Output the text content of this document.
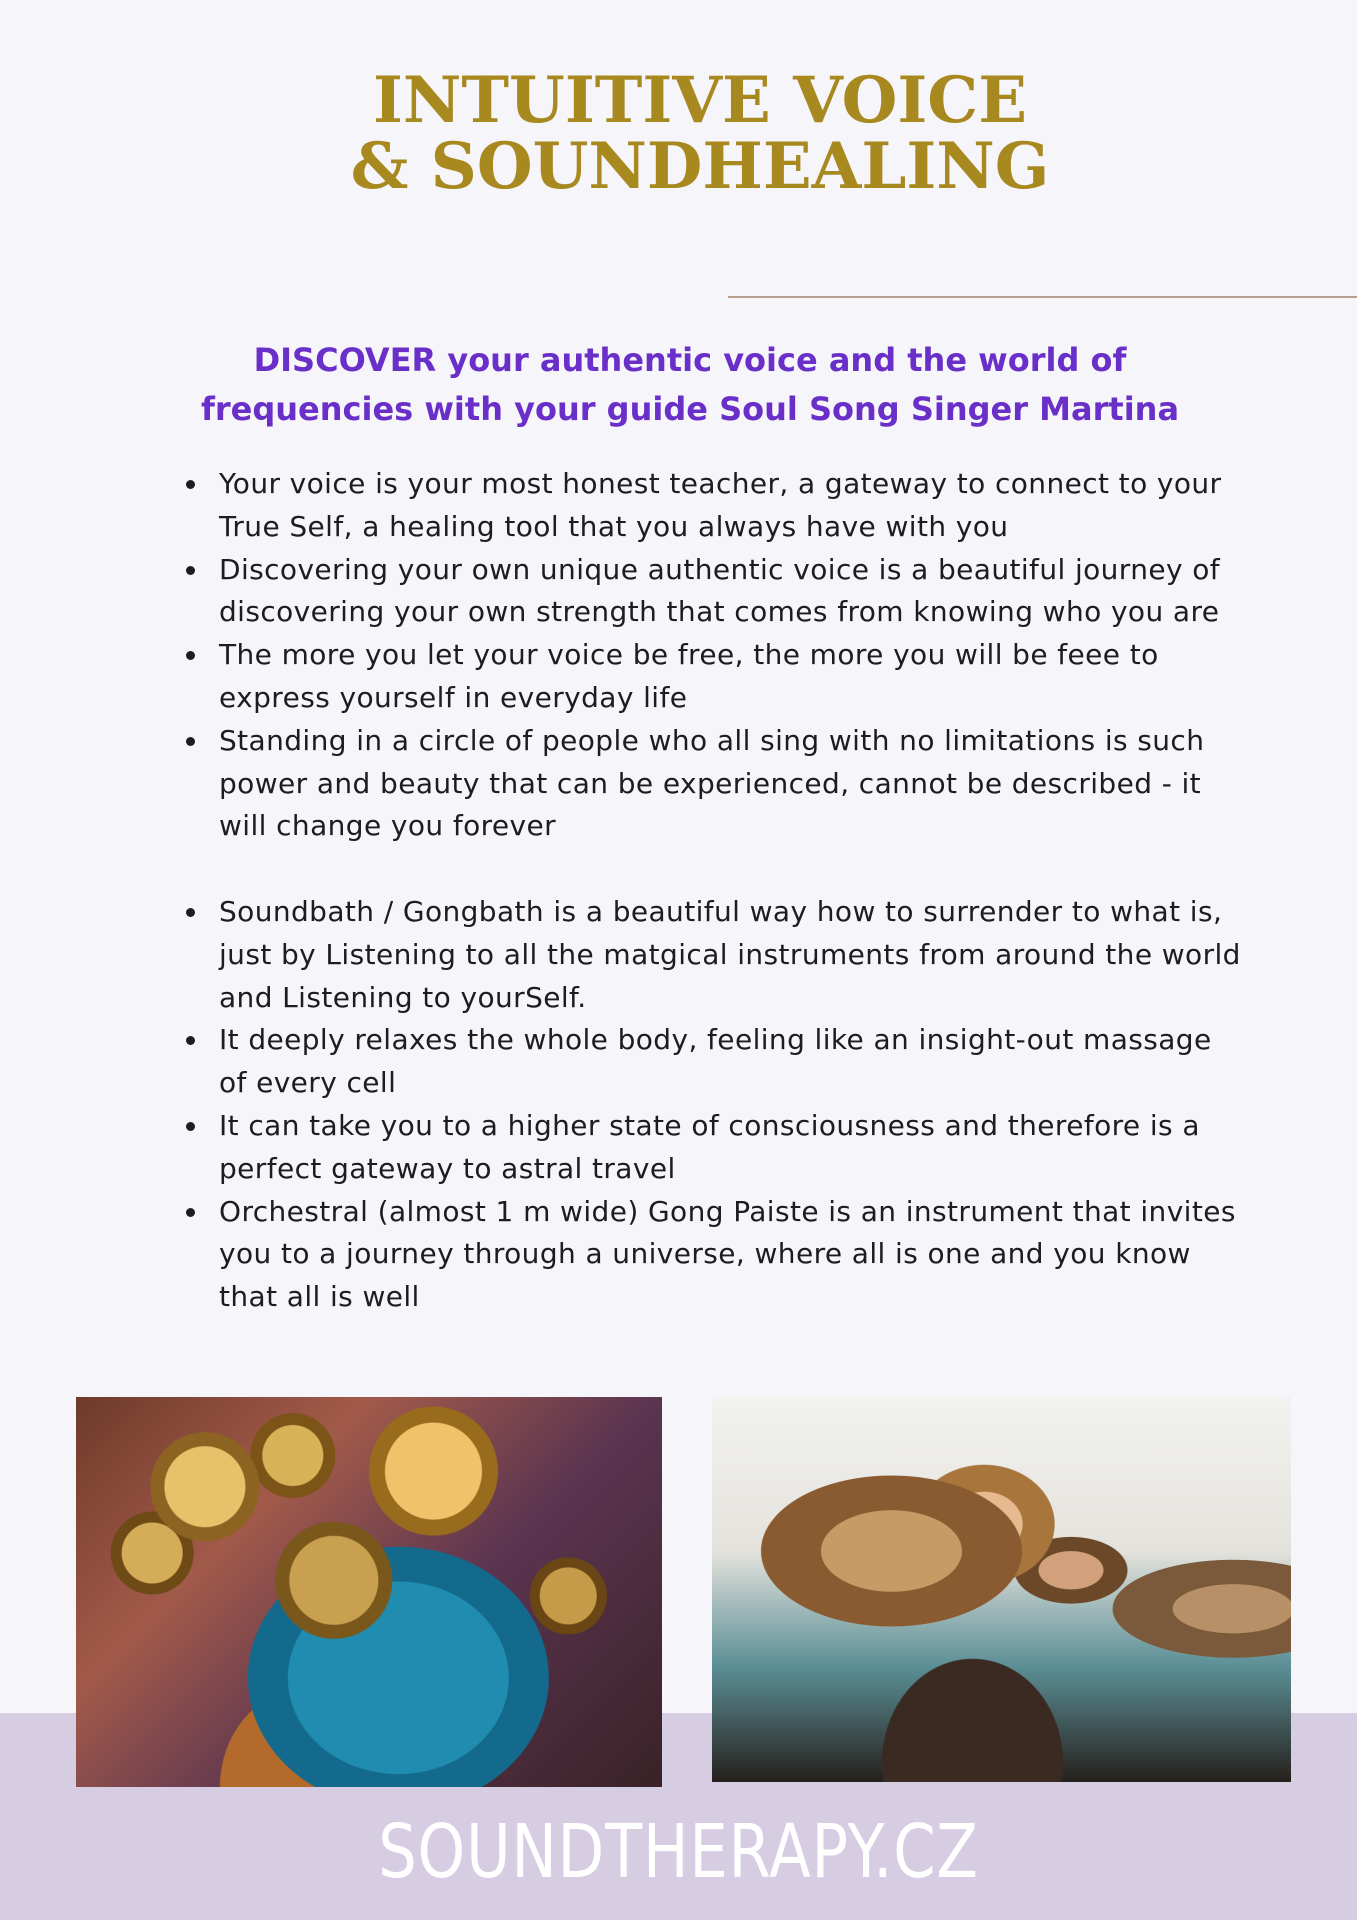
INTUITIVE VOICE
& SOUNDHEALING
DISCOVER your authentic voice and the world of
frequencies with your guide Soul Song Singer Martina
Your voice is your most honest teacher, a gateway to connect to your True Self, a healing tool that you always have with you
Discovering your own unique authentic voice is a beautiful journey of discovering your own strength that comes from knowing who you are
The more you let your voice be free, the more you will be feee to express yourself in everyday life
Standing in a circle of people who all sing with no limitations is such power and beauty that can be experienced, cannot be described - it will change you forever
Soundbath / Gongbath is a beautiful way how to surrender to what is, just by Listening to all the matgical instruments from around the world and Listening to yourSelf.
It deeply relaxes the whole body, feeling like an insight-out massage of every cell
It can take you to a higher state of consciousness and therefore is a perfect gateway to astral travel
Orchestral (almost 1 m wide) Gong Paiste is an instrument that invites you to a journey through a universe, where all is one and you know that all is well
SOUNDTHERAPY.CZ
